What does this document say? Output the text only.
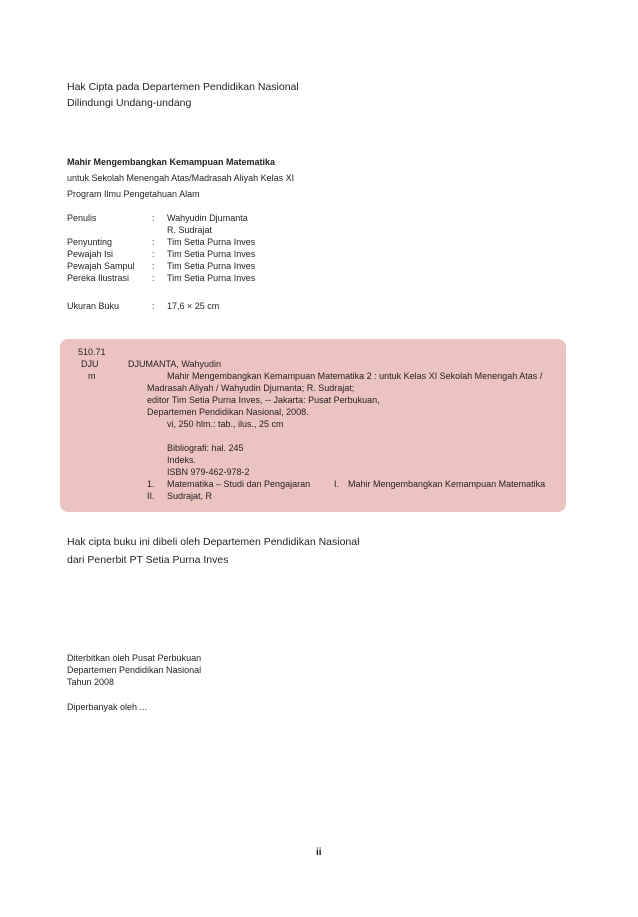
Hak Cipta pada Departemen Pendidikan Nasional
Dilindungi Undang-undang
Mahir Mengembangkan Kemampuan Matematika
untuk Sekolah Menengah Atas/Madrasah Aliyah Kelas XI
Program Ilmu Pengetahuan Alam
Penulis	: Wahyudin Djumanta
R. Sudrajat
Penyunting	: Tim Setia Purna Inves
Pewajah Isi	: Tim Setia Purna Inves
Pewajah Sampul : Tim Setia Purna Inves
Pereka Ilustrasi	: Tim Setia Purna Inves
Ukuran Buku	: 17,6 × 25 cm
510.71
DJU
m
DJUMANTA, Wahyudin
Mahir Mengembangkan Kemampuan Matematika 2 : untuk Kelas XI Sekolah Menengah Atas /
Madrasah Aliyah / Wahyudin Djumanta; R. Sudrajat;
editor Tim Setia Purna Inves, -- Jakarta: Pusat Perbukuan,
Departemen Pendidikan Nasional, 2008.
vi, 250 hlm.: tab., ilus., 25 cm
Bibliografi: hal. 245
Indeks.
ISBN 979-462-978-2
1. Matematika – Studi dan Pengajaran	I. Mahir Mengembangkan Kemampuan Matematika
II. Sudrajat, R
Hak cipta buku ini dibeli oleh Departemen Pendidikan Nasional
dari Penerbit PT Setia Purna Inves
Diterbitkan oleh Pusat Perbukuan
Departemen Pendidikan Nasional
Tahun 2008
Diperbanyak oleh ...
ii
